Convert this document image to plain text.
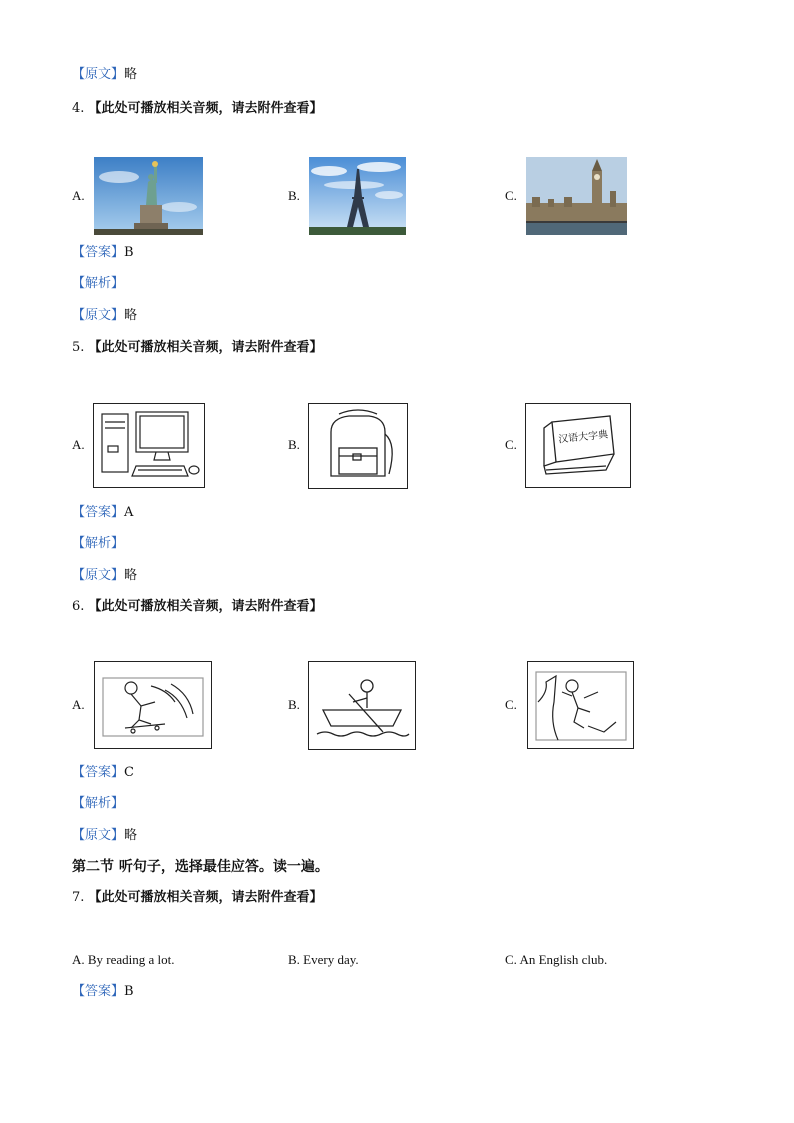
【原文】略
4. 【此处可播放相关音频，请去附件查看】
A.	B.	C.
【答案】B
【解析】
【原文】略
5. 【此处可播放相关音频，请去附件查看】
A.	B.	C.	汉语大字典
【答案】A
【解析】
【原文】略
6. 【此处可播放相关音频，请去附件查看】
A.	B.	C.
【答案】C
【解析】
【原文】略
第二节 听句子，选择最佳应答。读一遍。
7. 【此处可播放相关音频，请去附件查看】
A. By reading a lot.	B. Every day.	C. An English club.
【答案】B
